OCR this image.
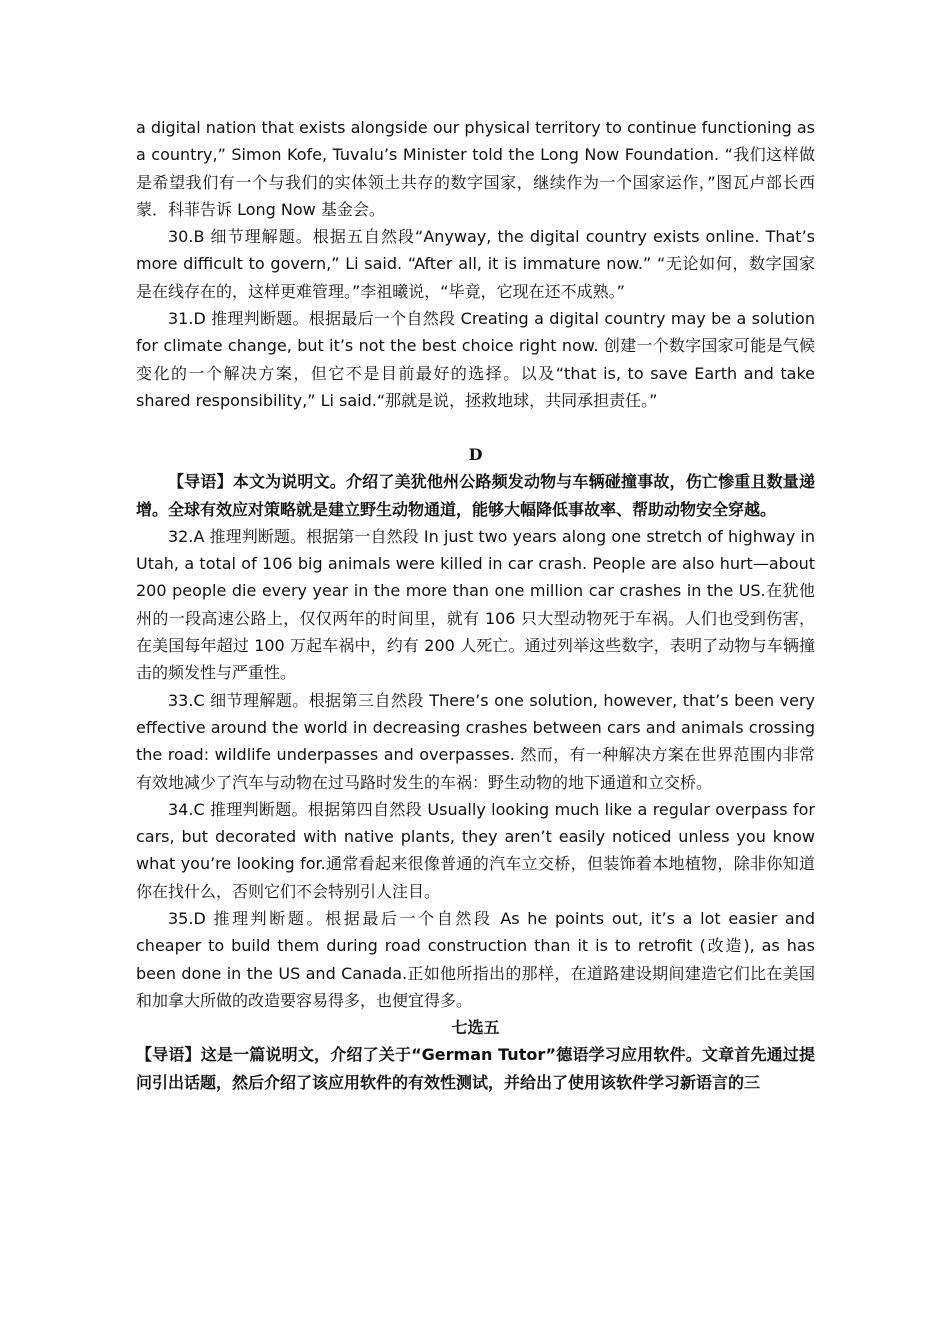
a digital nation that exists alongside our physical territory to continue functioning as a country,” Simon Kofe, Tuvalu’s Minister told the Long Now Foundation. “我们这样做是希望我们有一个与我们的实体领土共存的数字国家，继续作为一个国家运作，”图瓦卢部长西蒙．科菲告诉 Long Now 基金会。

30.B 细节理解题。根据五自然段“Anyway, the digital country exists online. That’s more difficult to govern,” Li said. “After all, it is immature now.” “无论如何，数字国家是在线存在的，这样更难管理。”李祖曦说，“毕竟，它现在还不成熟。”

31.D 推理判断题。根据最后一个自然段 Creating a digital country may be a solution for climate change, but it’s not the best choice right now. 创建一个数字国家可能是气候变化的一个解决方案，但它不是目前最好的选择。以及“that is, to save Earth and take shared responsibility,” Li said.“那就是说，拯救地球，共同承担责任。”

D

【导语】本文为说明文。介绍了美犹他州公路频发动物与车辆碰撞事故，伤亡惨重且数量递增。全球有效应对策略就是建立野生动物通道，能够大幅降低事故率、帮助动物安全穿越。

32.A 推理判断题。根据第一自然段 In just two years along one stretch of highway in Utah, a total of 106 big animals were killed in car crash. People are also hurt—about 200 people die every year in the more than one million car crashes in the US.在犹他州的一段高速公路上，仅仅两年的时间里，就有 106 只大型动物死于车祸。人们也受到伤害，在美国每年超过 100 万起车祸中，约有 200 人死亡。通过列举这些数字，表明了动物与车辆撞击的频发性与严重性。

33.C 细节理解题。根据第三自然段 There’s one solution, however, that’s been very effective around the world in decreasing crashes between cars and animals crossing the road: wildlife underpasses and overpasses. 然而，有一种解决方案在世界范围内非常有效地减少了汽车与动物在过马路时发生的车祸：野生动物的地下通道和立交桥。

34.C 推理判断题。根据第四自然段 Usually looking much like a regular overpass for cars, but decorated with native plants, they aren’t easily noticed unless you know what you’re looking for.通常看起来很像普通的汽车立交桥，但装饰着本地植物，除非你知道你在找什么，否则它们不会特别引人注目。

35.D 推理判断题。根据最后一个自然段 As he points out, it’s a lot easier and cheaper to build them during road construction than it is to retrofit (改造), as has been done in the US and Canada.正如他所指出的那样，在道路建设期间建造它们比在美国和加拿大所做的改造要容易得多，也便宜得多。

七选五

【导语】这是一篇说明文，介绍了关于“German Tutor”德语学习应用软件。文章首先通过提问引出话题，然后介绍了该应用软件的有效性测试，并给出了使用该软件学习新语言的三
